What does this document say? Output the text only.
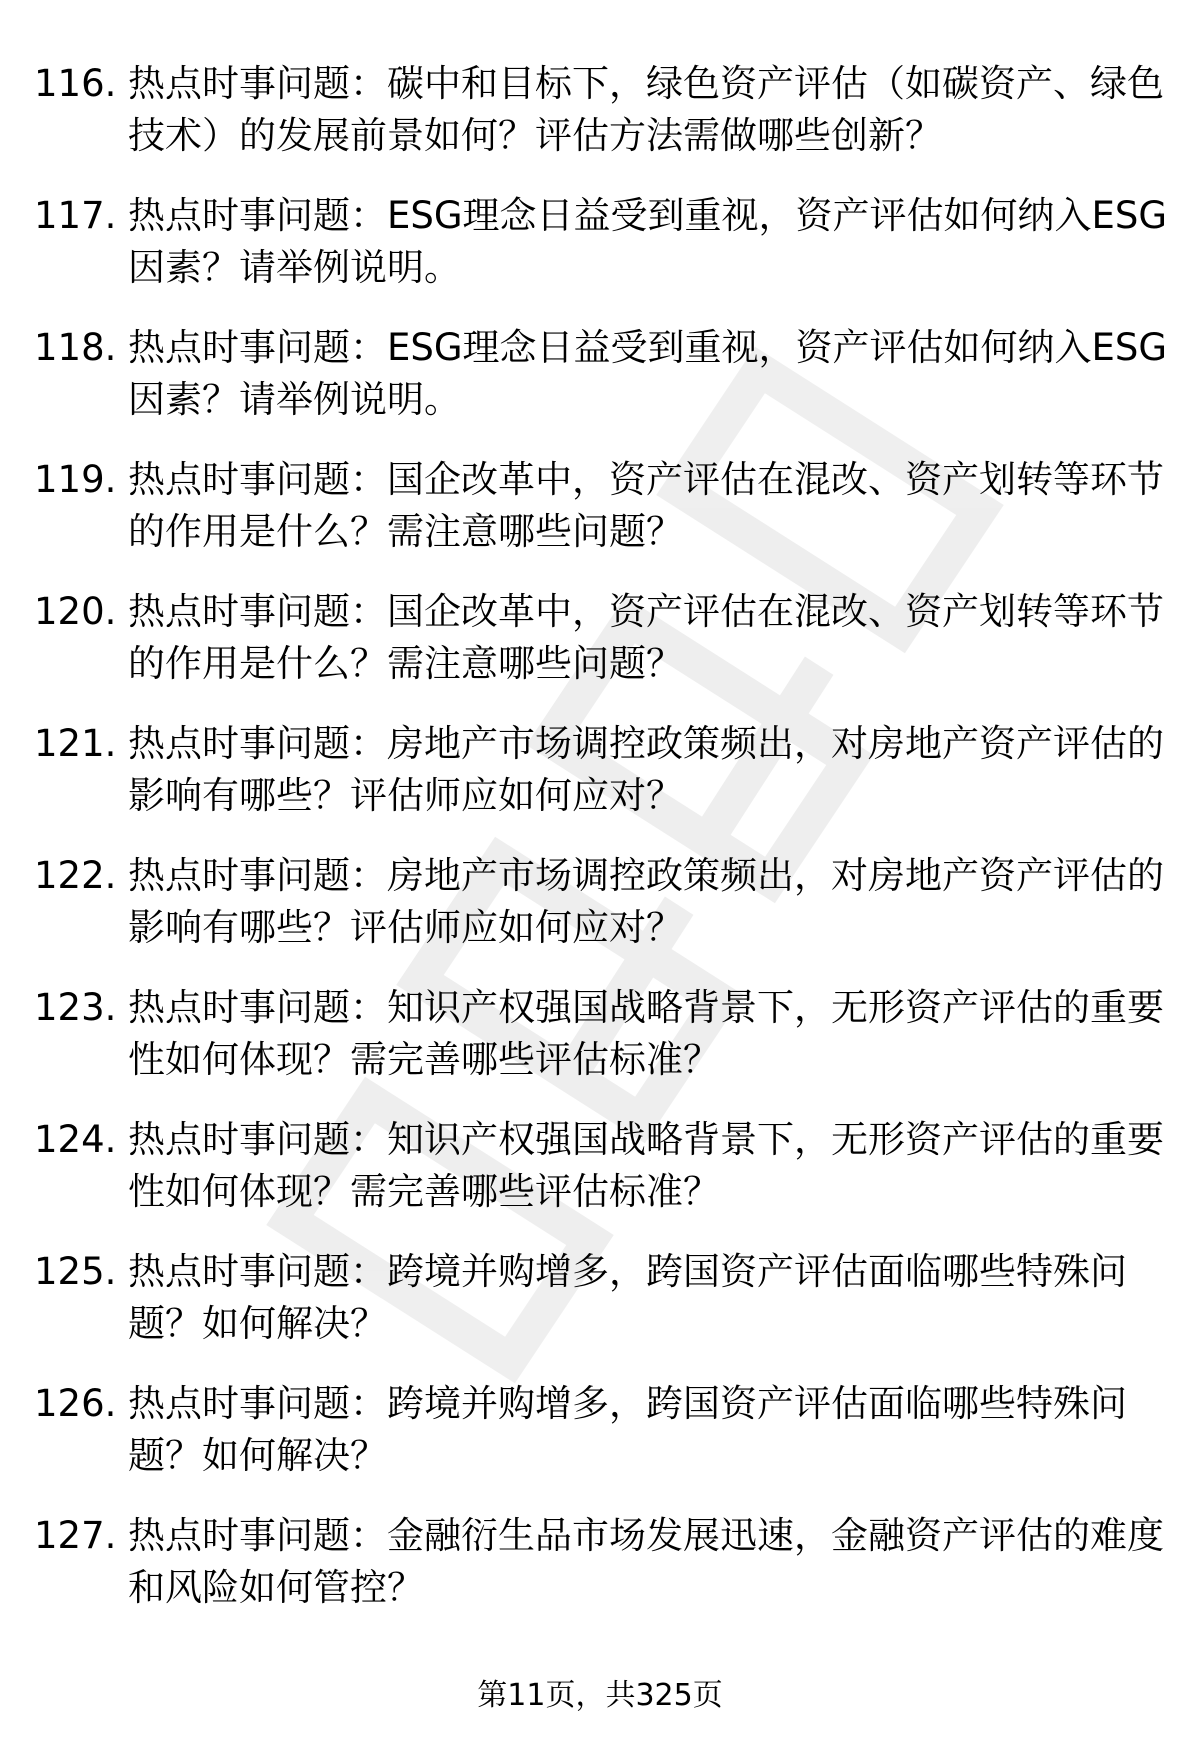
116. 热点时事问题：碳中和目标下，绿色资产评估（如碳资产、绿色技术）的发展前景如何？评估方法需做哪些创新？
117. 热点时事问题：ESG理念日益受到重视，资产评估如何纳入ESG因素？请举例说明。
118. 热点时事问题：ESG理念日益受到重视，资产评估如何纳入ESG因素？请举例说明。
119. 热点时事问题：国企改革中，资产评估在混改、资产划转等环节的作用是什么？需注意哪些问题？
120. 热点时事问题：国企改革中，资产评估在混改、资产划转等环节的作用是什么？需注意哪些问题？
121. 热点时事问题：房地产市场调控政策频出，对房地产资产评估的影响有哪些？评估师应如何应对？
122. 热点时事问题：房地产市场调控政策频出，对房地产资产评估的影响有哪些？评估师应如何应对？
123. 热点时事问题：知识产权强国战略背景下，无形资产评估的重要性如何体现？需完善哪些评估标准？
124. 热点时事问题：知识产权强国战略背景下，无形资产评估的重要性如何体现？需完善哪些评估标准？
125. 热点时事问题：跨境并购增多，跨国资产评估面临哪些特殊问题？如何解决？
126. 热点时事问题：跨境并购增多，跨国资产评估面临哪些特殊问题？如何解决？
127. 热点时事问题：金融衍生品市场发展迅速，金融资产评估的难度和风险如何管控？
第11页，共325页
